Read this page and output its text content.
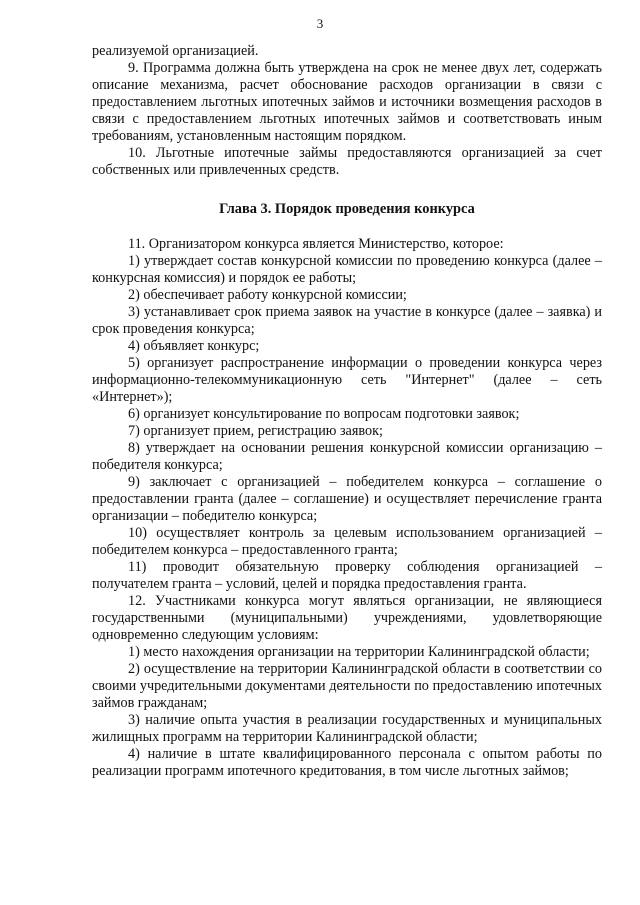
3

реализуемой организацией.

9. Программа должна быть утверждена на срок не менее двух лет, содержать описание механизма, расчет обоснование расходов организации в связи с предоставлением льготных ипотечных займов и источники возмещения расходов в связи с предоставлением льготных ипотечных займов и соответствовать иным требованиям, установленным настоящим порядком.

10. Льготные ипотечные займы предоставляются организацией за счет собственных или привлеченных средств.

Глава 3. Порядок проведения конкурса

11. Организатором конкурса является Министерство, которое:

1) утверждает состав конкурсной комиссии по проведению конкурса (далее – конкурсная комиссия) и порядок ее работы;

2) обеспечивает работу конкурсной комиссии;

3) устанавливает срок приема заявок на участие в конкурсе (далее – заявка) и срок проведения конкурса;

4) объявляет конкурс;

5) организует распространение информации о проведении конкурса через информационно-телекоммуникационную сеть "Интернет" (далее – сеть «Интернет»);

6) организует консультирование по вопросам подготовки заявок;

7) организует прием, регистрацию заявок;

8) утверждает на основании решения конкурсной комиссии организацию – победителя конкурса;

9) заключает с организацией – победителем конкурса – соглашение о предоставлении гранта (далее – соглашение) и осуществляет перечисление гранта организации – победителю конкурса;

10) осуществляет контроль за целевым использованием организацией – победителем конкурса – предоставленного гранта;

11) проводит обязательную проверку соблюдения организацией – получателем гранта – условий, целей и порядка предоставления гранта.

12. Участниками конкурса могут являться организации, не являющиеся государственными (муниципальными) учреждениями, удовлетворяющие одновременно следующим условиям:

1) место нахождения организации на территории Калининградской области;

2) осуществление на территории Калининградской области в соответствии со своими учредительными документами деятельности по предоставлению ипотечных займов гражданам;

3) наличие опыта участия в реализации государственных и муниципальных жилищных программ на территории Калининградской области;

4) наличие в штате квалифицированного персонала с опытом работы по реализации программ ипотечного кредитования, в том числе льготных займов;
